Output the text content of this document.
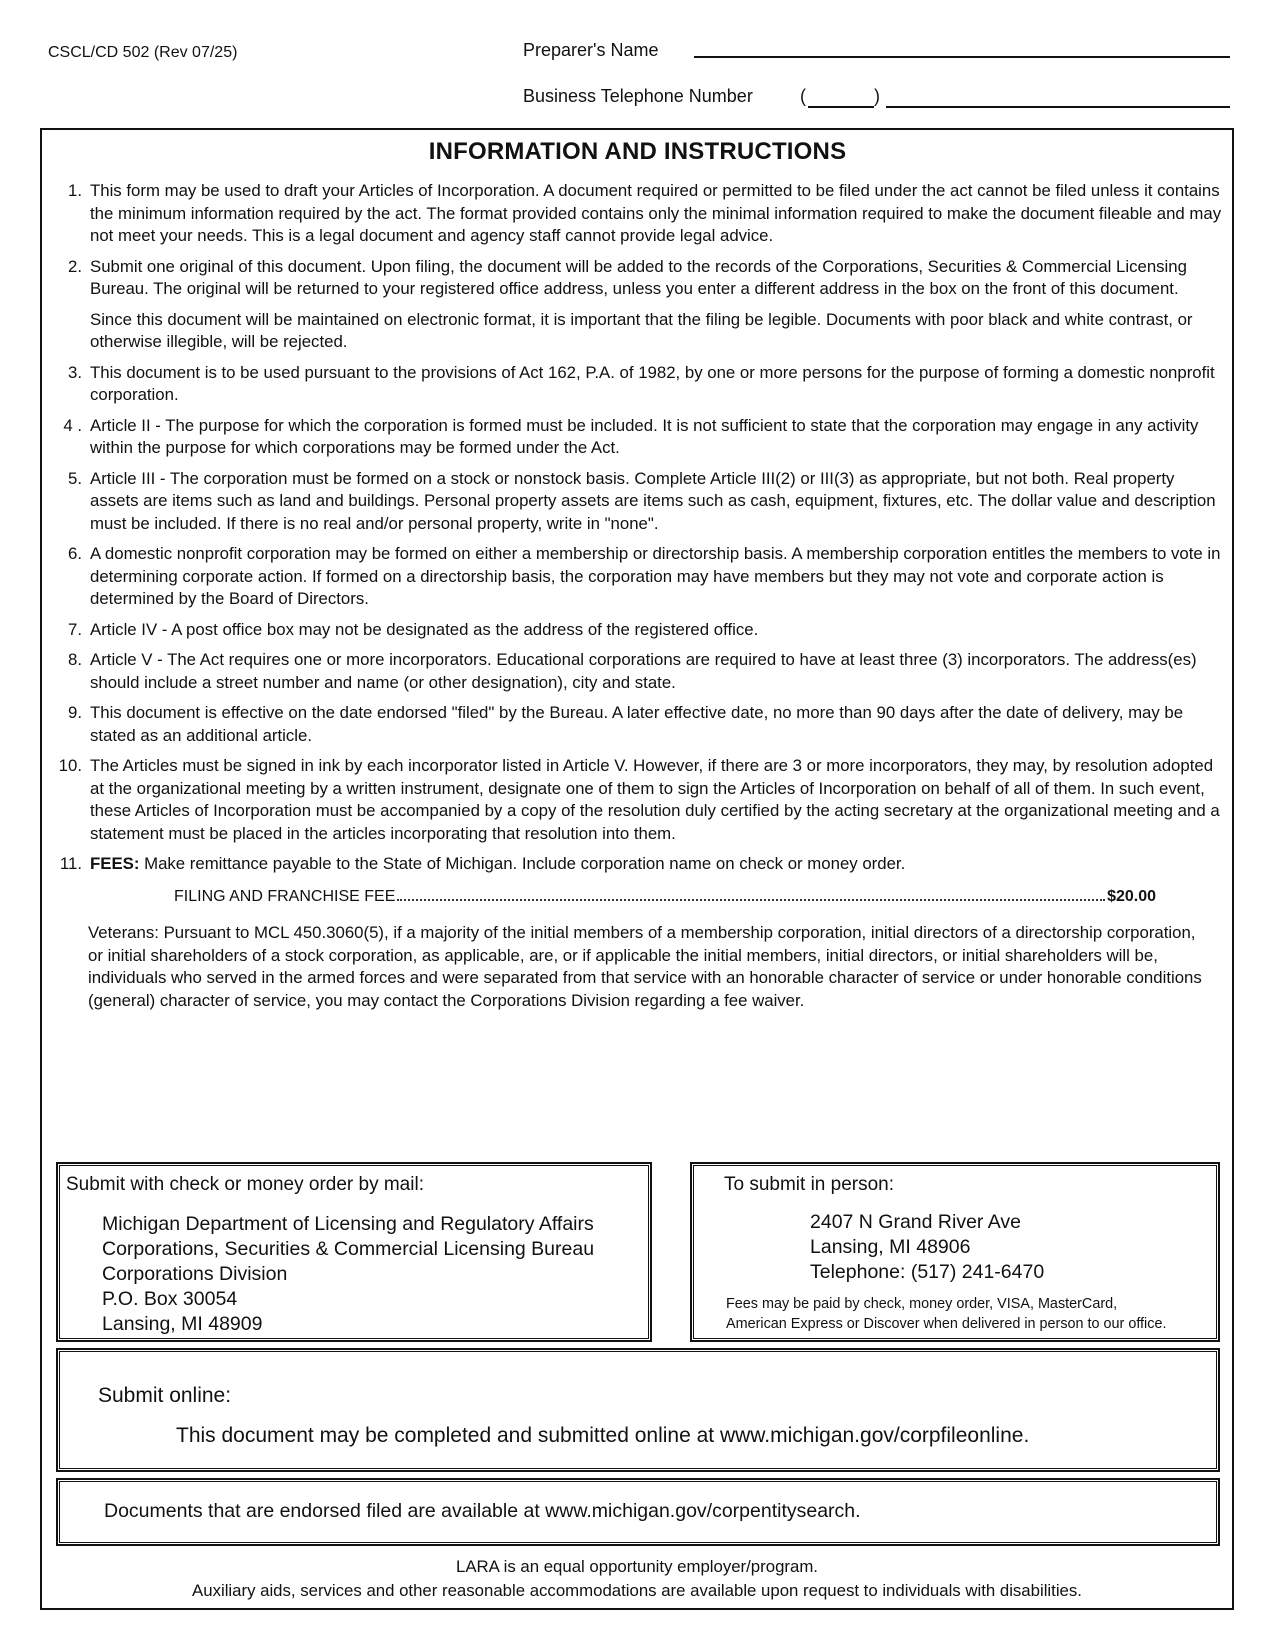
CSCL/CD 502 (Rev 07/25)	Preparer's Name
Business Telephone Number	(	)
INFORMATION AND INSTRUCTIONS
1. This form may be used to draft your Articles of Incorporation. A document required or permitted to be filed under the act cannot be filed unless it contains the minimum information required by the act. The format provided contains only the minimal information required to make the document fileable and may not meet your needs. This is a legal document and agency staff cannot provide legal advice.

2. Submit one original of this document. Upon filing, the document will be added to the records of the Corporations, Securities & Commercial Licensing Bureau. The original will be returned to your registered office address, unless you enter a different address in the box on the front of this document.

Since this document will be maintained on electronic format, it is important that the filing be legible. Documents with poor black and white contrast, or otherwise illegible, will be rejected.

3. This document is to be used pursuant to the provisions of Act 162, P.A. of 1982, by one or more persons for the purpose of forming a domestic nonprofit corporation.

4 . Article II - The purpose for which the corporation is formed must be included. It is not sufficient to state that the corporation may engage in any activity within the purpose for which corporations may be formed under the Act.

5. Article III - The corporation must be formed on a stock or nonstock basis. Complete Article III(2) or III(3) as appropriate, but not both. Real property assets are items such as land and buildings. Personal property assets are items such as cash, equipment, fixtures, etc. The dollar value and description must be included. If there is no real and/or personal property, write in "none".

6. A domestic nonprofit corporation may be formed on either a membership or directorship basis. A membership corporation entitles the members to vote in determining corporate action. If formed on a directorship basis, the corporation may have members but they may not vote and corporate action is determined by the Board of Directors.

7. Article IV - A post office box may not be designated as the address of the registered office.

8. Article V - The Act requires one or more incorporators. Educational corporations are required to have at least three (3) incorporators. The address(es) should include a street number and name (or other designation), city and state.

9. This document is effective on the date endorsed "filed" by the Bureau. A later effective date, no more than 90 days after the date of delivery, may be stated as an additional article.

10. The Articles must be signed in ink by each incorporator listed in Article V. However, if there are 3 or more incorporators, they may, by resolution adopted at the organizational meeting by a written instrument, designate one of them to sign the Articles of Incorporation on behalf of all of them. In such event, these Articles of Incorporation must be accompanied by a copy of the resolution duly certified by the acting secretary at the organizational meeting and a statement must be placed in the articles incorporating that resolution into them.

11. FEES: Make remittance payable to the State of Michigan. Include corporation name on check or money order.

FILING AND FRANCHISE FEE	$20.00
Veterans: Pursuant to MCL 450.3060(5), if a majority of the initial members of a membership corporation, initial directors of a directorship corporation, or initial shareholders of a stock corporation, as applicable, are, or if applicable the initial members, initial directors, or initial shareholders will be, individuals who served in the armed forces and were separated from that service with an honorable character of service or under honorable conditions (general) character of service, you may contact the Corporations Division regarding a fee waiver.
Submit with check or money order by mail:
Michigan Department of Licensing and Regulatory Affairs
Corporations, Securities & Commercial Licensing Bureau
Corporations Division
P.O. Box 30054
Lansing, MI 48909
To submit in person:
2407 N Grand River Ave
Lansing, MI 48906
Telephone: (517) 241-6470
Fees may be paid by check, money order, VISA, MasterCard,
American Express or Discover when delivered in person to our office.
Submit online:
This document may be completed and submitted online at www.michigan.gov/corpfileonline.
Documents that are endorsed filed are available at www.michigan.gov/corpentitysearch.
LARA is an equal opportunity employer/program.
Auxiliary aids, services and other reasonable accommodations are available upon request to individuals with disabilities.
